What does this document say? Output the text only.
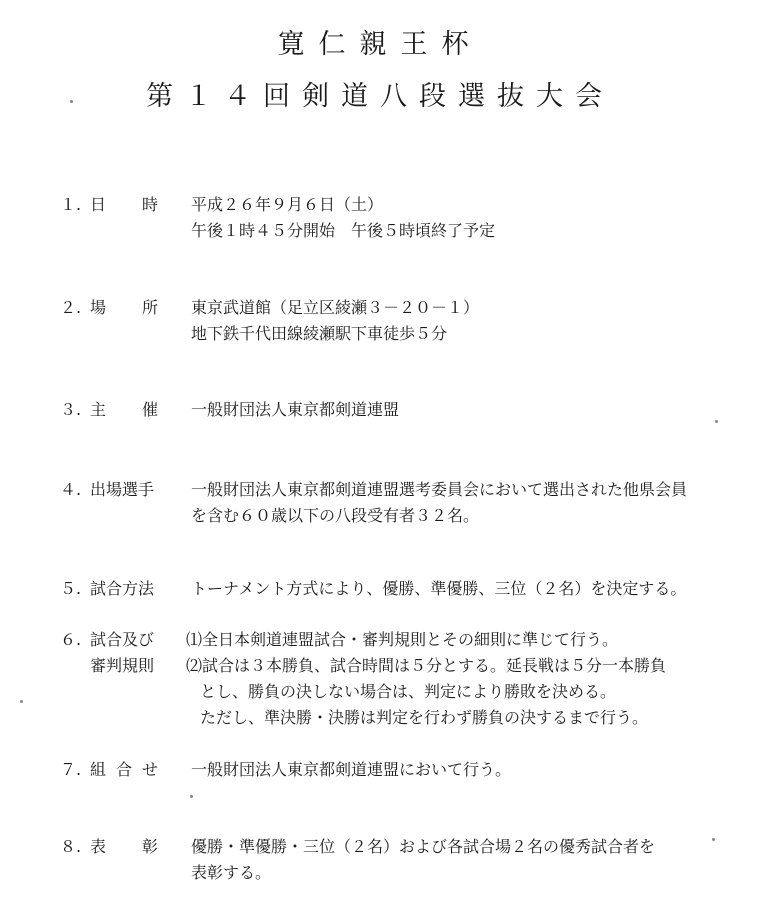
寛仁親王杯
第１４回剣道八段選抜大会
１. 日 時 平成２６年９月６日（土）
午後１時４５分開始　午後５時頃終了予定
２. 場 所 東京武道館（足立区綾瀬３－２０－１）
地下鉄千代田線綾瀬駅下車徒歩５分
３. 主 催 一般財団法人東京都剣道連盟
４. 出場選手	一般財団法人東京都剣道連盟選考委員会において選出された他県会員
を含む６０歳以下の八段受有者３２名。
５. 試合方法	トーナメント方式により、優勝、準優勝、三位（２名）を決定する。
６. 試合及び
審判規則
⑴全日本剣道連盟試合・審判規則とその細則に準じて行う。
⑵試合は３本勝負、試合時間は５分とする。延長戦は５分一本勝負
とし、勝負の決しない場合は、判定により勝敗を決める。
ただし、準決勝・決勝は判定を行わず勝負の決するまで行う。
７. 組 合 せ 一般財団法人東京都剣道連盟において行う。
８. 表 彰 優勝・準優勝・三位（２名）および各試合場２名の優秀試合者を
表彰する。
